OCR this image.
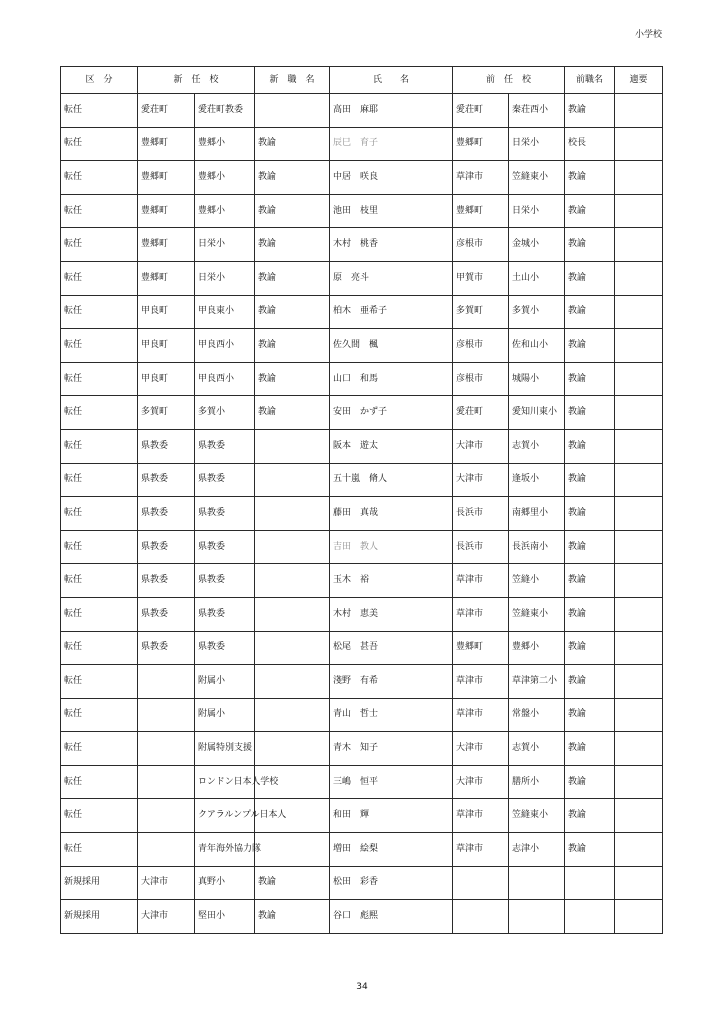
小学校
区　分	新　任　校		新　職　名	氏　　名	前　任　校		前職名	適要
転任	愛荘町	愛荘町教委		高田　麻耶	愛荘町	秦荘西小	教諭	
転任	豊郷町	豊郷小	教諭	辰巳　育子	豊郷町	日栄小	校長	
転任	豊郷町	豊郷小	教諭	中居　咲良	草津市	笠縫東小	教諭	
転任	豊郷町	豊郷小	教諭	池田　枝里	豊郷町	日栄小	教諭	
転任	豊郷町	日栄小	教諭	木村　桃香	彦根市	金城小	教諭	
転任	豊郷町	日栄小	教諭	原　亮斗	甲賀市	土山小	教諭	
転任	甲良町	甲良東小	教諭	柏木　亜希子	多賀町	多賀小	教諭	
転任	甲良町	甲良西小	教諭	佐久間　楓	彦根市	佐和山小	教諭	
転任	甲良町	甲良西小	教諭	山口　和馬	彦根市	城陽小	教諭	
転任	多賀町	多賀小	教諭	安田　かず子	愛荘町	愛知川東小	教諭	
転任	県教委	県教委		阪本　遊太	大津市	志賀小	教諭	
転任	県教委	県教委		五十嵐　脩人	大津市	逢坂小	教諭	
転任	県教委	県教委		藤田　真哉	長浜市	南郷里小	教諭	
転任	県教委	県教委		吉田　教人	長浜市	長浜南小	教諭	
転任	県教委	県教委		玉木　裕	草津市	笠縫小	教諭	
転任	県教委	県教委		木村　恵美	草津市	笠縫東小	教諭	
転任	県教委	県教委		松尾　甚吾	豊郷町	豊郷小	教諭	
転任		附属小		淺野　有希	草津市	草津第二小	教諭	
転任		附属小		青山　哲士	草津市	常盤小	教諭	
転任		附属特別支援		青木　知子	大津市	志賀小	教諭	
転任		ロンドン日本人学校		三嶋　恒平	大津市	膳所小	教諭	
転任		クアラルンプル日本人		和田　輝	草津市	笠縫東小	教諭	
転任		青年海外協力隊		増田　絵梨	草津市	志津小	教諭	
新規採用	大津市	真野小	教諭	松田　彩香				
新規採用	大津市	堅田小	教諭	谷口　彪熙				
34
